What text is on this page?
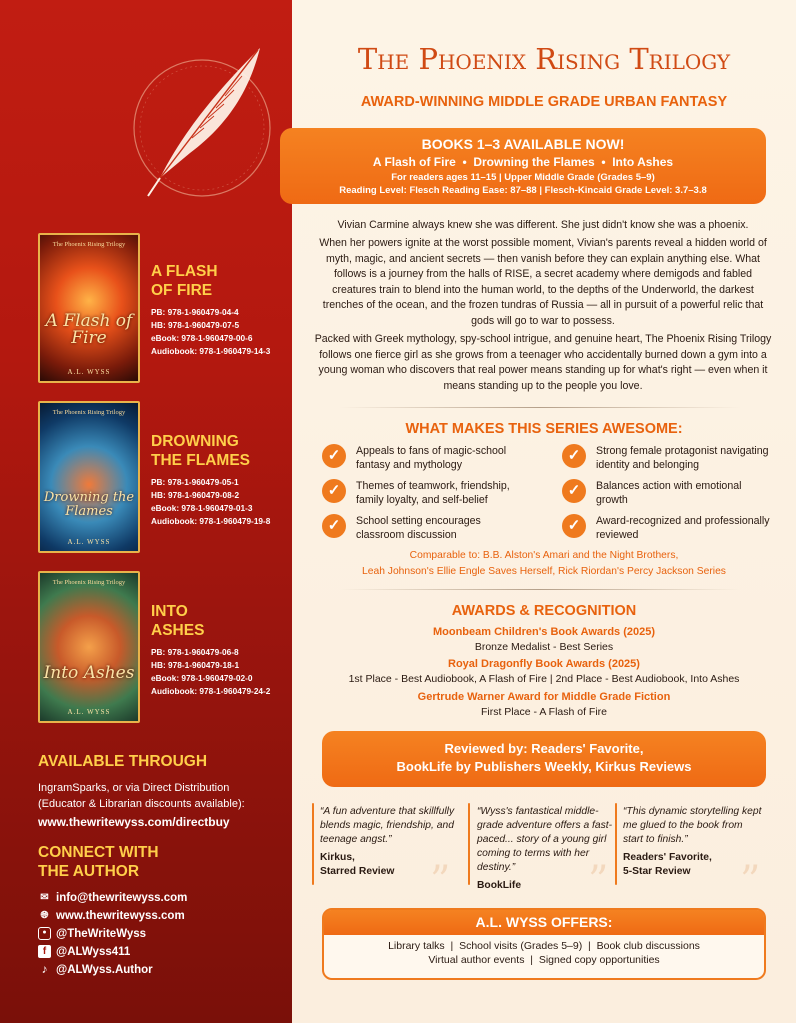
The Phoenix Rising Trilogy
A Flash of Fire
A.L. WYSS
A FLASH
OF FIRE
PB: 978-1-960479-04-4
HB: 978-1-960479-07-5
eBook: 978-1-960479-00-6
Audiobook: 978-1-960479-14-3
The Phoenix Rising Trilogy
Drowning the Flames
A.L. WYSS
DROWNING
THE FLAMES
PB: 978-1-960479-05-1
HB: 978-1-960479-08-2
eBook: 978-1-960479-01-3
Audiobook: 978-1-960479-19-8
The Phoenix Rising Trilogy
Into Ashes
A.L. WYSS
INTO
ASHES
PB: 978-1-960479-06-8
HB: 978-1-960479-18-1
eBook: 978-1-960479-02-0
Audiobook: 978-1-960479-24-2
AVAILABLE THROUGH
IngramSparks, or via Direct Distribution
(Educator & Librarian discounts available):
www.thewritewyss.com/directbuy
CONNECT WITH
THE AUTHOR
✉ info@thewritewyss.com
🌐︎ www.thewritewyss.com
● @TheWriteWyss
f @ALWyss411
♪ @ALWyss.Author
The Phoenix Rising Trilogy
AWARD-WINNING MIDDLE GRADE URBAN FANTASY
BOOKS 1–3 AVAILABLE NOW!
A Flash of Fire  •  Drowning the Flames  •  Into Ashes
For readers ages 11–15 | Upper Middle Grade (Grades 5–9)
Reading Level: Flesch Reading Ease: 87–88 | Flesch-Kincaid Grade Level: 3.7–3.8
Vivian Carmine always knew she was different. She just didn't know she was a phoenix.
When her powers ignite at the worst possible moment, Vivian's parents reveal a hidden world of myth, magic, and ancient secrets — then vanish before they can explain anything else. What follows is a journey from the halls of RISE, a secret academy where demigods and fabled creatures train to blend into the human world, to the depths of the Underworld, the darkest trenches of the ocean, and the frozen tundras of Russia — all in pursuit of a powerful relic that gods will go to war to possess.
Packed with Greek mythology, spy-school intrigue, and genuine heart, The Phoenix Rising Trilogy follows one fierce girl as she grows from a teenager who accidentally burned down a gym into a young woman who discovers that real power means standing up for what's right — even when it means standing up to the people you love.
WHAT MAKES THIS SERIES AWESOME:
✓	Appeals to fans of magic-school fantasy and mythology
✓	Strong female protagonist navigating identity and belonging
✓	Themes of teamwork, friendship, family loyalty, and self-belief
✓	Balances action with emotional growth
✓	School setting encourages classroom discussion
✓	Award-recognized and professionally reviewed
Comparable to: B.B. Alston's Amari and the Night Brothers,
Leah Johnson's Ellie Engle Saves Herself, Rick Riordan's Percy Jackson Series
AWARDS & RECOGNITION
Moonbeam Children's Book Awards (2025)
Bronze Medalist - Best Series
Royal Dragonfly Book Awards (2025)
1st Place - Best Audiobook, A Flash of Fire | 2nd Place - Best Audiobook, Into Ashes
Gertrude Warner Award for Middle Grade Fiction
First Place - A Flash of Fire
Reviewed by: Readers' Favorite,
BookLife by Publishers Weekly, Kirkus Reviews
”
“A fun adventure that skillfully blends magic, friendship, and teenage angst.”
Kirkus,
Starred Review	”
“Wyss's fantastical middle-grade adventure offers a fast-paced... story of a young girl coming to terms with her destiny.”
BookLife	”
“This dynamic storytelling kept me glued to the book from start to finish.”
Readers' Favorite,
5-Star Review
A.L. WYSS OFFERS:
Library talks  |  School visits (Grades 5–9)  |  Book club discussions
Virtual author events  |  Signed copy opportunities
